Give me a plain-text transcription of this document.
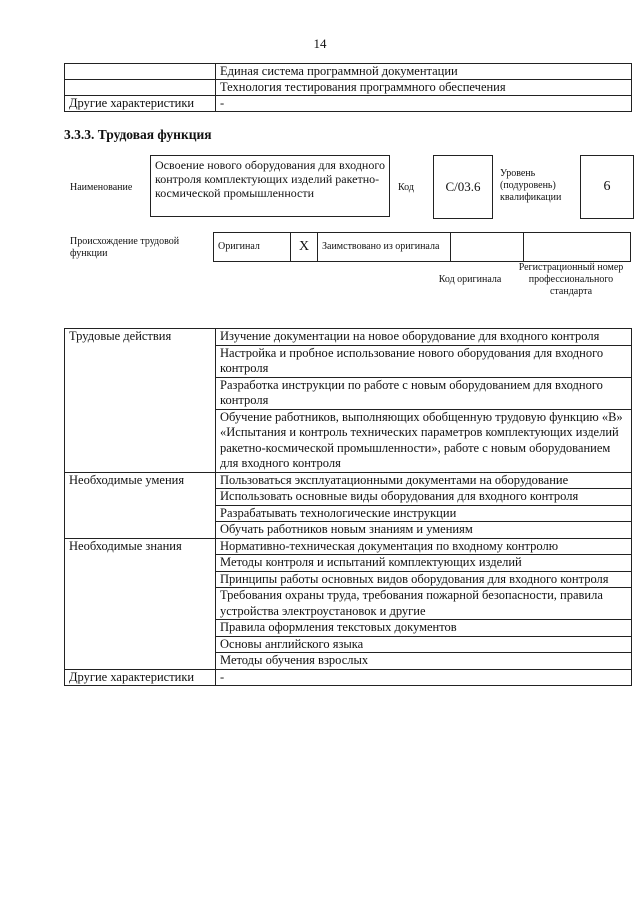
14
	Единая система программной документации
	Технология тестирования программного обеспечения
Другие характеристики	-
3.3.3. Трудовая функция
Наименование
Освоение нового оборудования для входного контроля комплектующих изделий ракетно-космической промышленности	Код	С/03.6
Уровень (подуровень) квалификации
6
Происхождение трудовой функции
Оригинал	X	Заимствовано из оригинала		
Код оригинала
Регистрационный номер профессионального стандарта
Трудовые действия	Изучение документации на новое оборудование для входного контроля
	Настройка и пробное использование нового оборудования для входного контроля
	Разработка инструкции по работе с новым оборудованием для входного контроля
	Обучение работников, выполняющих обобщенную трудовую функцию «В» «Испытания и контроль технических параметров комплектующих изделий ракетно-космической промышленности», работе с новым оборудованием для входного контроля
Необходимые умения	Пользоваться эксплуатационными документами на оборудование
	Использовать основные виды оборудования для входного контроля
	Разрабатывать технологические инструкции
	Обучать работников новым знаниям и умениям
Необходимые знания	Нормативно-техническая документация по входному контролю
	Методы контроля и испытаний комплектующих изделий
	Принципы работы основных видов оборудования для входного контроля
	Требования охраны труда, требования пожарной безопасности, правила устройства электроустановок и другие
	Правила оформления текстовых документов
	Основы английского языка
	Методы обучения взрослых
Другие характеристики	-
